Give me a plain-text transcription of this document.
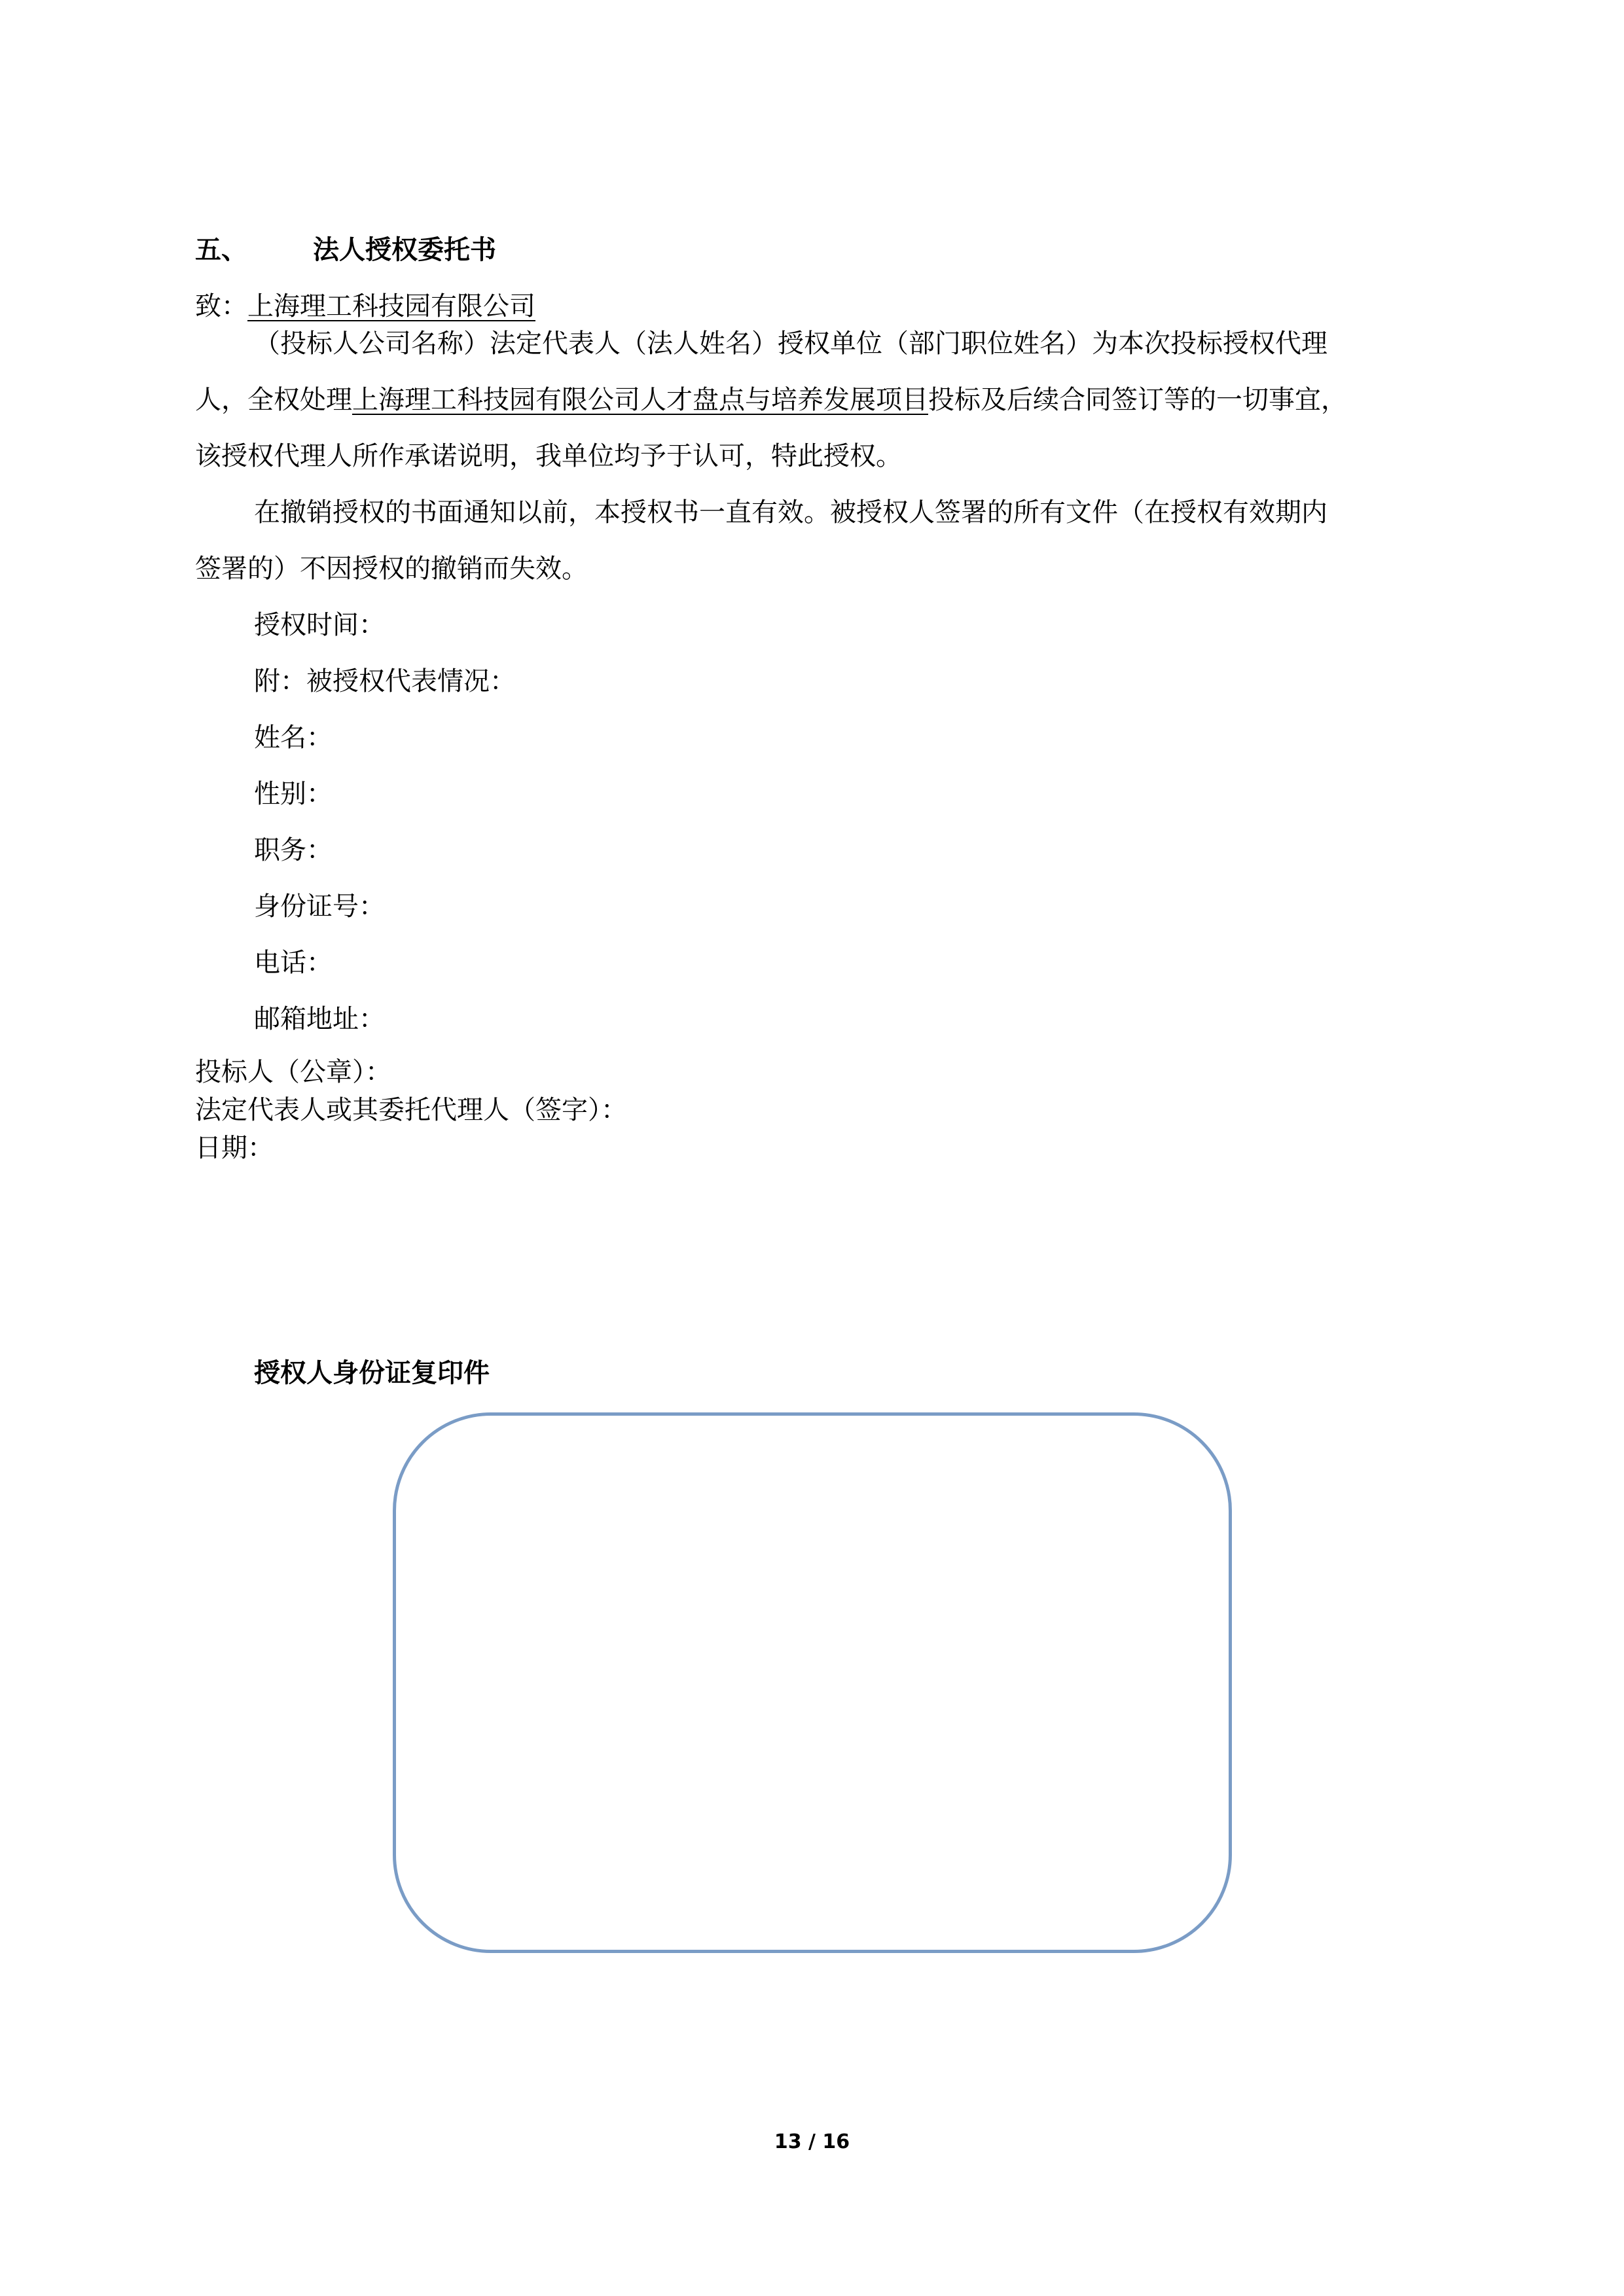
五、	法人授权委托书
致：上海理工科技园有限公司
（投标人公司名称）法定代表人（法人姓名）授权单位（部门职位姓名）为本次投标授权代理
人，全权处理上海理工科技园有限公司人才盘点与培养发展项目投标及后续合同签订等的一切事宜，
该授权代理人所作承诺说明，我单位均予于认可，特此授权。
在撤销授权的书面通知以前，本授权书一直有效。被授权人签署的所有文件（在授权有效期内
签署的）不因授权的撤销而失效。
授权时间：
附：被授权代表情况：
姓名：
性别：
职务：
身份证号：
电话：
邮箱地址：
投标人（公章）：
法定代表人或其委托代理人（签字）：
日期：
授权人身份证复印件
13 / 16
